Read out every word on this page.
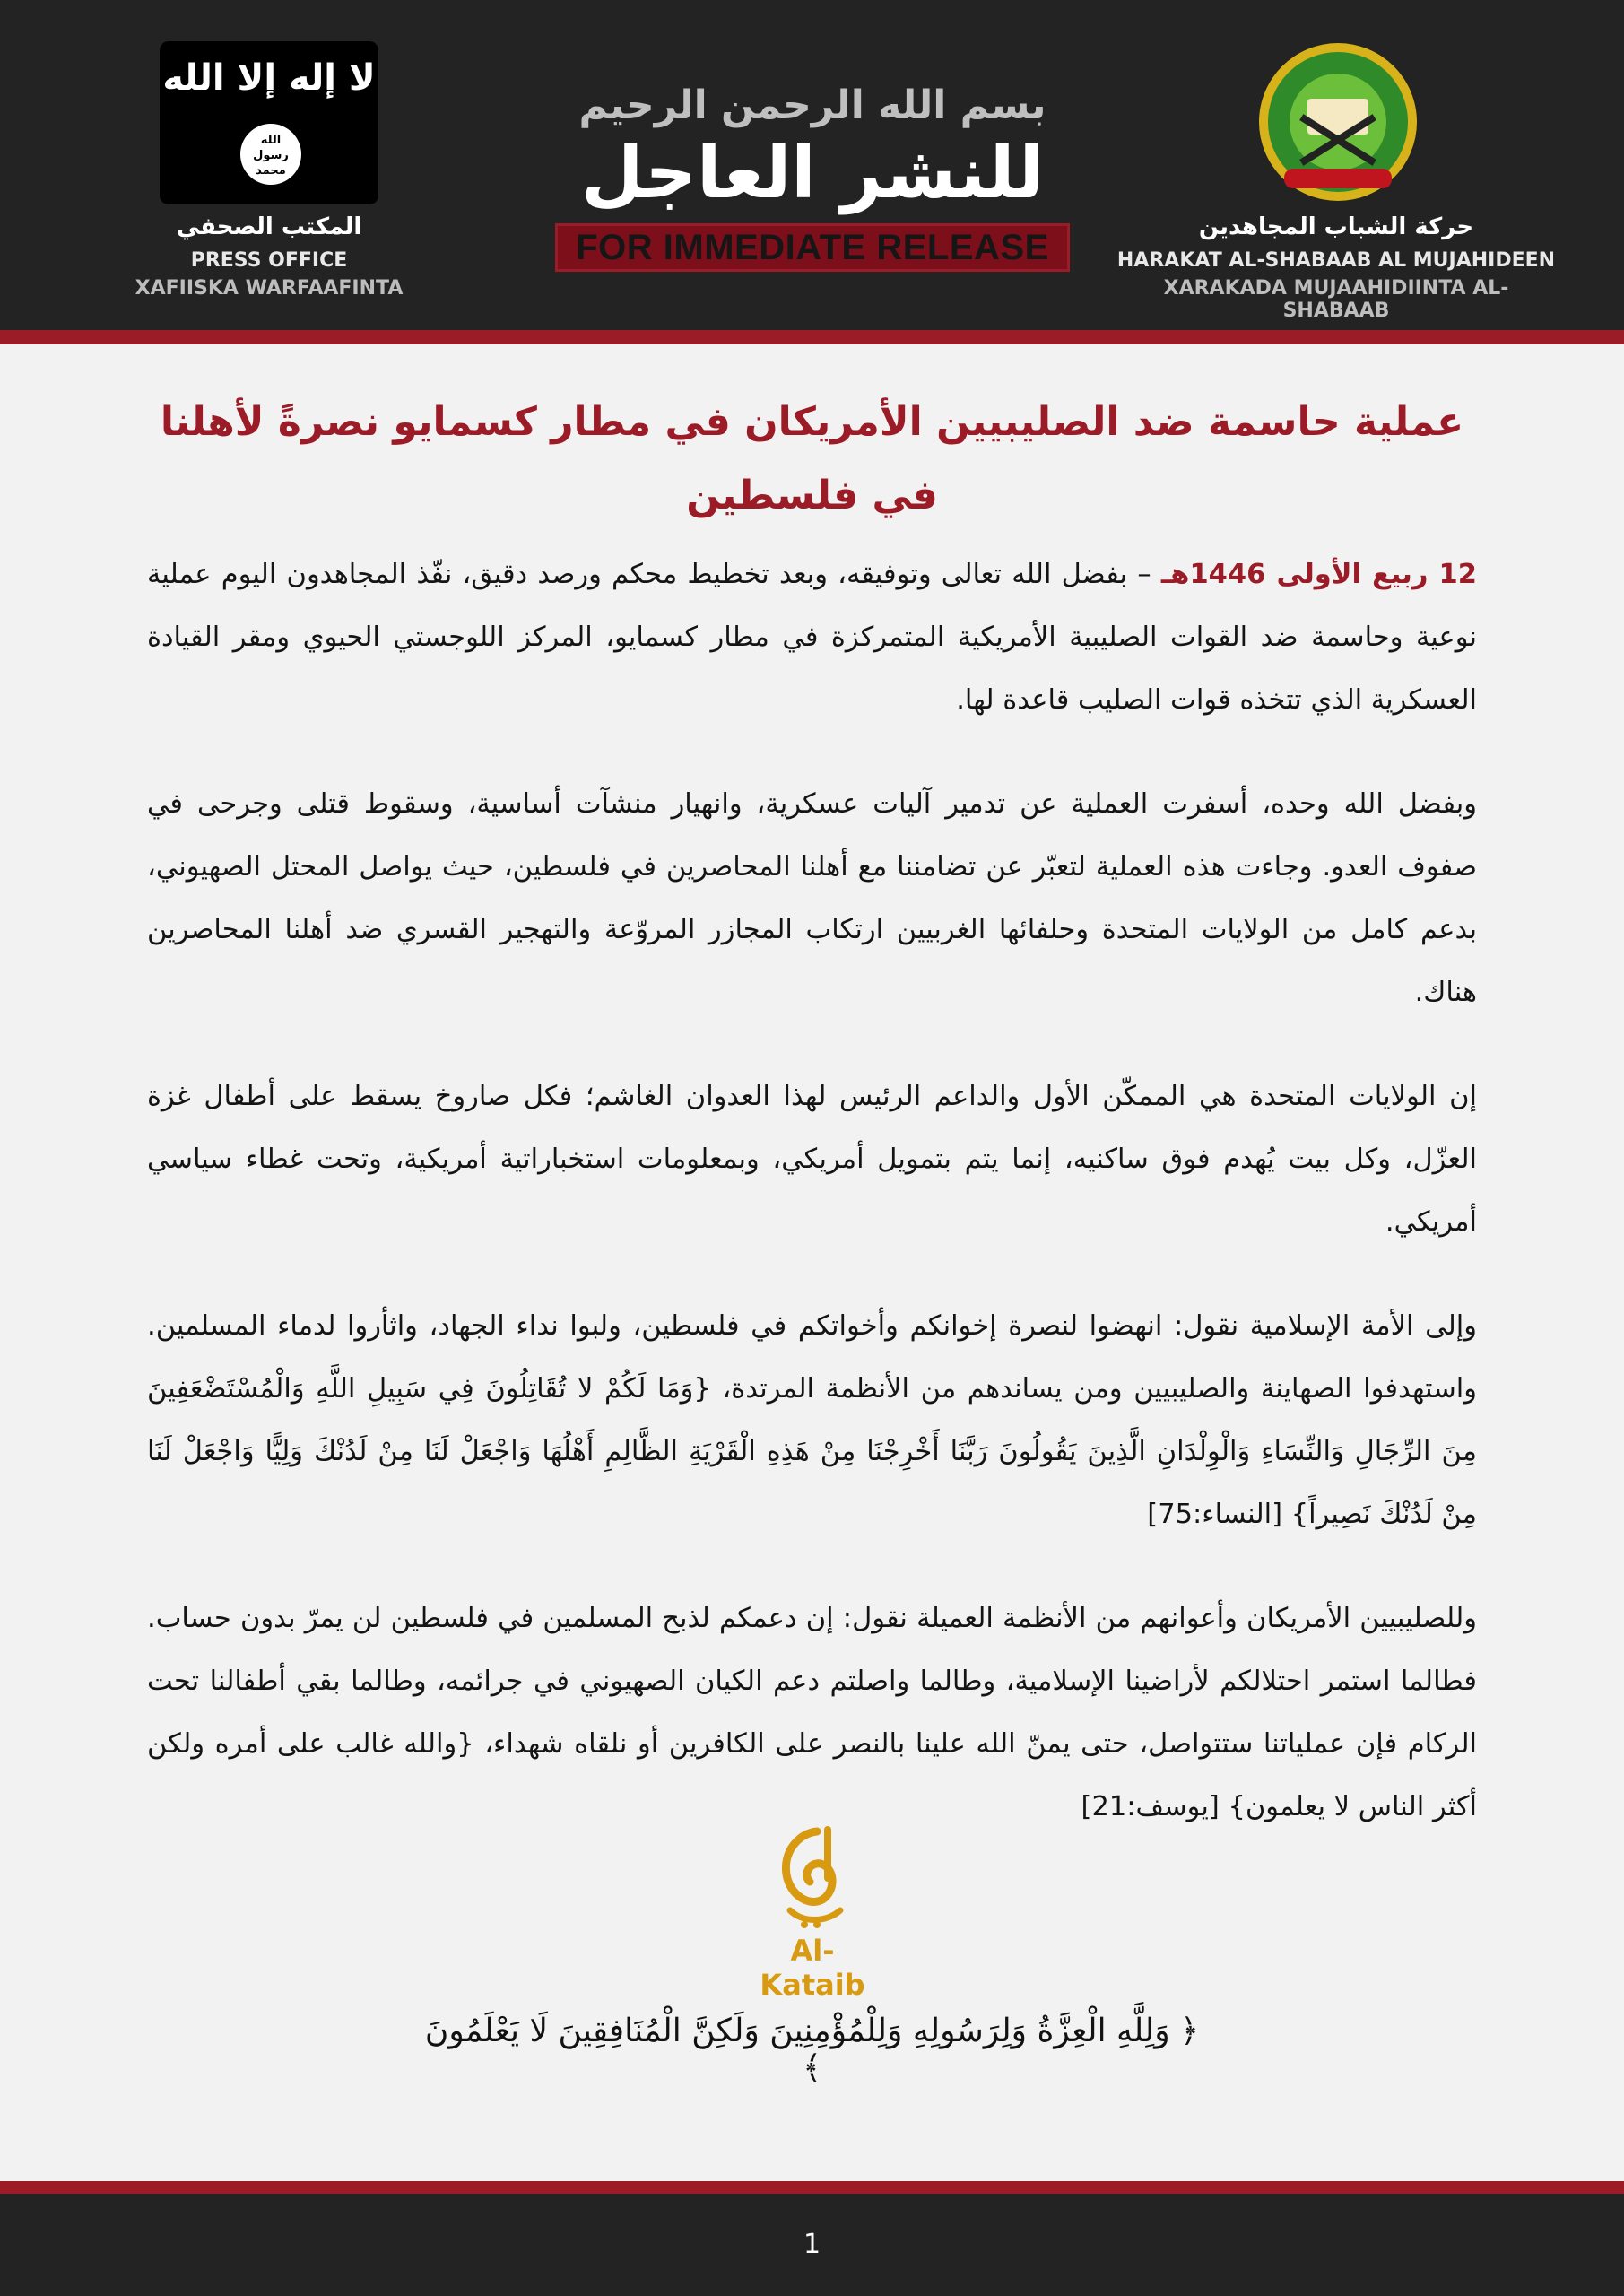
لا إله إلا الله
الله
رسول
محمد
المكتب الصحفي
PRESS OFFICE
XAFIISKA WARFAAFINTA
بسم الله الرحمن الرحيم
للنشر العاجل
FOR IMMEDIATE RELEASE
حركة الشباب المجاهدين
HARAKAT AL-SHABAAB AL MUJAHIDEEN
XARAKADA MUJAAHIDIINTA AL-SHABAAB
عملية حاسمة ضد الصليبيين الأمريكان في مطار كسمايو نصرةً لأهلنا في فلسطين

12 ربيع الأولى 1446هـ – بفضل الله تعالى وتوفيقه، وبعد تخطيط محكم ورصد دقيق، نفّذ المجاهدون اليوم عملية نوعية وحاسمة ضد القوات الصليبية الأمريكية المتمركزة في مطار كسمايو، المركز اللوجستي الحيوي ومقر القيادة العسكرية الذي تتخذه قوات الصليب قاعدة لها.

وبفضل الله وحده، أسفرت العملية عن تدمير آليات عسكرية، وانهيار منشآت أساسية، وسقوط قتلى وجرحى في صفوف العدو. وجاءت هذه العملية لتعبّر عن تضامننا مع أهلنا المحاصرين في فلسطين، حيث يواصل المحتل الصهيوني، بدعم كامل من الولايات المتحدة وحلفائها الغربيين ارتكاب المجازر المروّعة والتهجير القسري ضد أهلنا المحاصرين هناك.

إن الولايات المتحدة هي الممكّن الأول والداعم الرئيس لهذا العدوان الغاشم؛ فكل صاروخ يسقط على أطفال غزة العزّل، وكل بيت يُهدم فوق ساكنيه، إنما يتم بتمويل أمريكي، وبمعلومات استخباراتية أمريكية، وتحت غطاء سياسي أمريكي.

وإلى الأمة الإسلامية نقول: انهضوا لنصرة إخوانكم وأخواتكم في فلسطين، ولبوا نداء الجهاد، واثأروا لدماء المسلمين. واستهدفوا الصهاينة والصليبيين ومن يساندهم من الأنظمة المرتدة، {وَمَا لَكُمْ لا تُقَاتِلُونَ فِي سَبِيلِ اللَّهِ وَالْمُسْتَضْعَفِينَ مِنَ الرِّجَالِ وَالنِّسَاءِ وَالْوِلْدَانِ الَّذِينَ يَقُولُونَ رَبَّنَا أَخْرِجْنَا مِنْ هَذِهِ الْقَرْيَةِ الظَّالِمِ أَهْلُهَا وَاجْعَلْ لَنَا مِنْ لَدُنْكَ وَلِيًّا وَاجْعَلْ لَنَا مِنْ لَدُنْكَ نَصِيراً} [النساء:75]

وللصليبيين الأمريكان وأعوانهم من الأنظمة العميلة نقول: إن دعمكم لذبح المسلمين في فلسطين لن يمرّ بدون حساب. فطالما استمر احتلالكم لأراضينا الإسلامية، وطالما واصلتم دعم الكيان الصهيوني في جرائمه، وطالما بقي أطفالنا تحت الركام فإن عملياتنا ستتواصل، حتى يمنّ الله علينا بالنصر على الكافرين أو نلقاه شهداء، {والله غالب على أمره ولكن أكثر الناس لا يعلمون} [يوسف:21]

Al-Kataib
﴿ وَلِلَّهِ الْعِزَّةُ وَلِرَسُولِهِ وَلِلْمُؤْمِنِينَ وَلَكِنَّ الْمُنَافِقِينَ لَا يَعْلَمُونَ ﴾
1
